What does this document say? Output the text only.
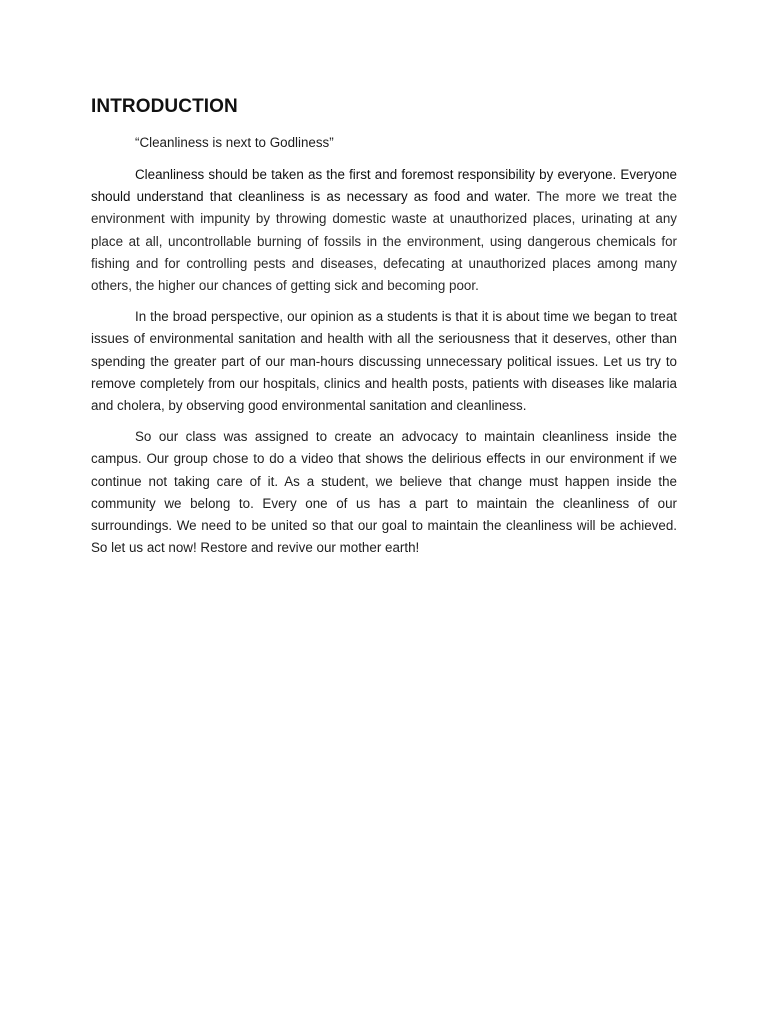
INTRODUCTION

“Cleanliness is next to Godliness”

Cleanliness should be taken as the first and foremost responsibility by everyone. Everyone should understand that cleanliness is as necessary as food and water. The more we treat the environment with impunity by throwing domestic waste at unauthorized places, urinating at any place at all, uncontrollable burning of fossils in the environment, using dangerous chemicals for fishing and for controlling pests and diseases, defecating at unauthorized places among many others, the higher our chances of getting sick and becoming poor.

In the broad perspective, our opinion as a students is that it is about time we began to treat issues of environmental sanitation and health with all the seriousness that it deserves, other than spending the greater part of our man-hours discussing unnecessary political issues. Let us try to remove completely from our hospitals, clinics and health posts, patients with diseases like malaria and cholera, by observing good environmental sanitation and cleanliness.

So our class was assigned to create an advocacy to maintain cleanliness inside the campus. Our group chose to do a video that shows the delirious effects in our environment if we continue not taking care of it. As a student, we believe that change must happen inside the community we belong to. Every one of us has a part to maintain the cleanliness of our surroundings. We need to be united so that our goal to maintain the cleanliness will be achieved. So let us act now! Restore and revive our mother earth!
